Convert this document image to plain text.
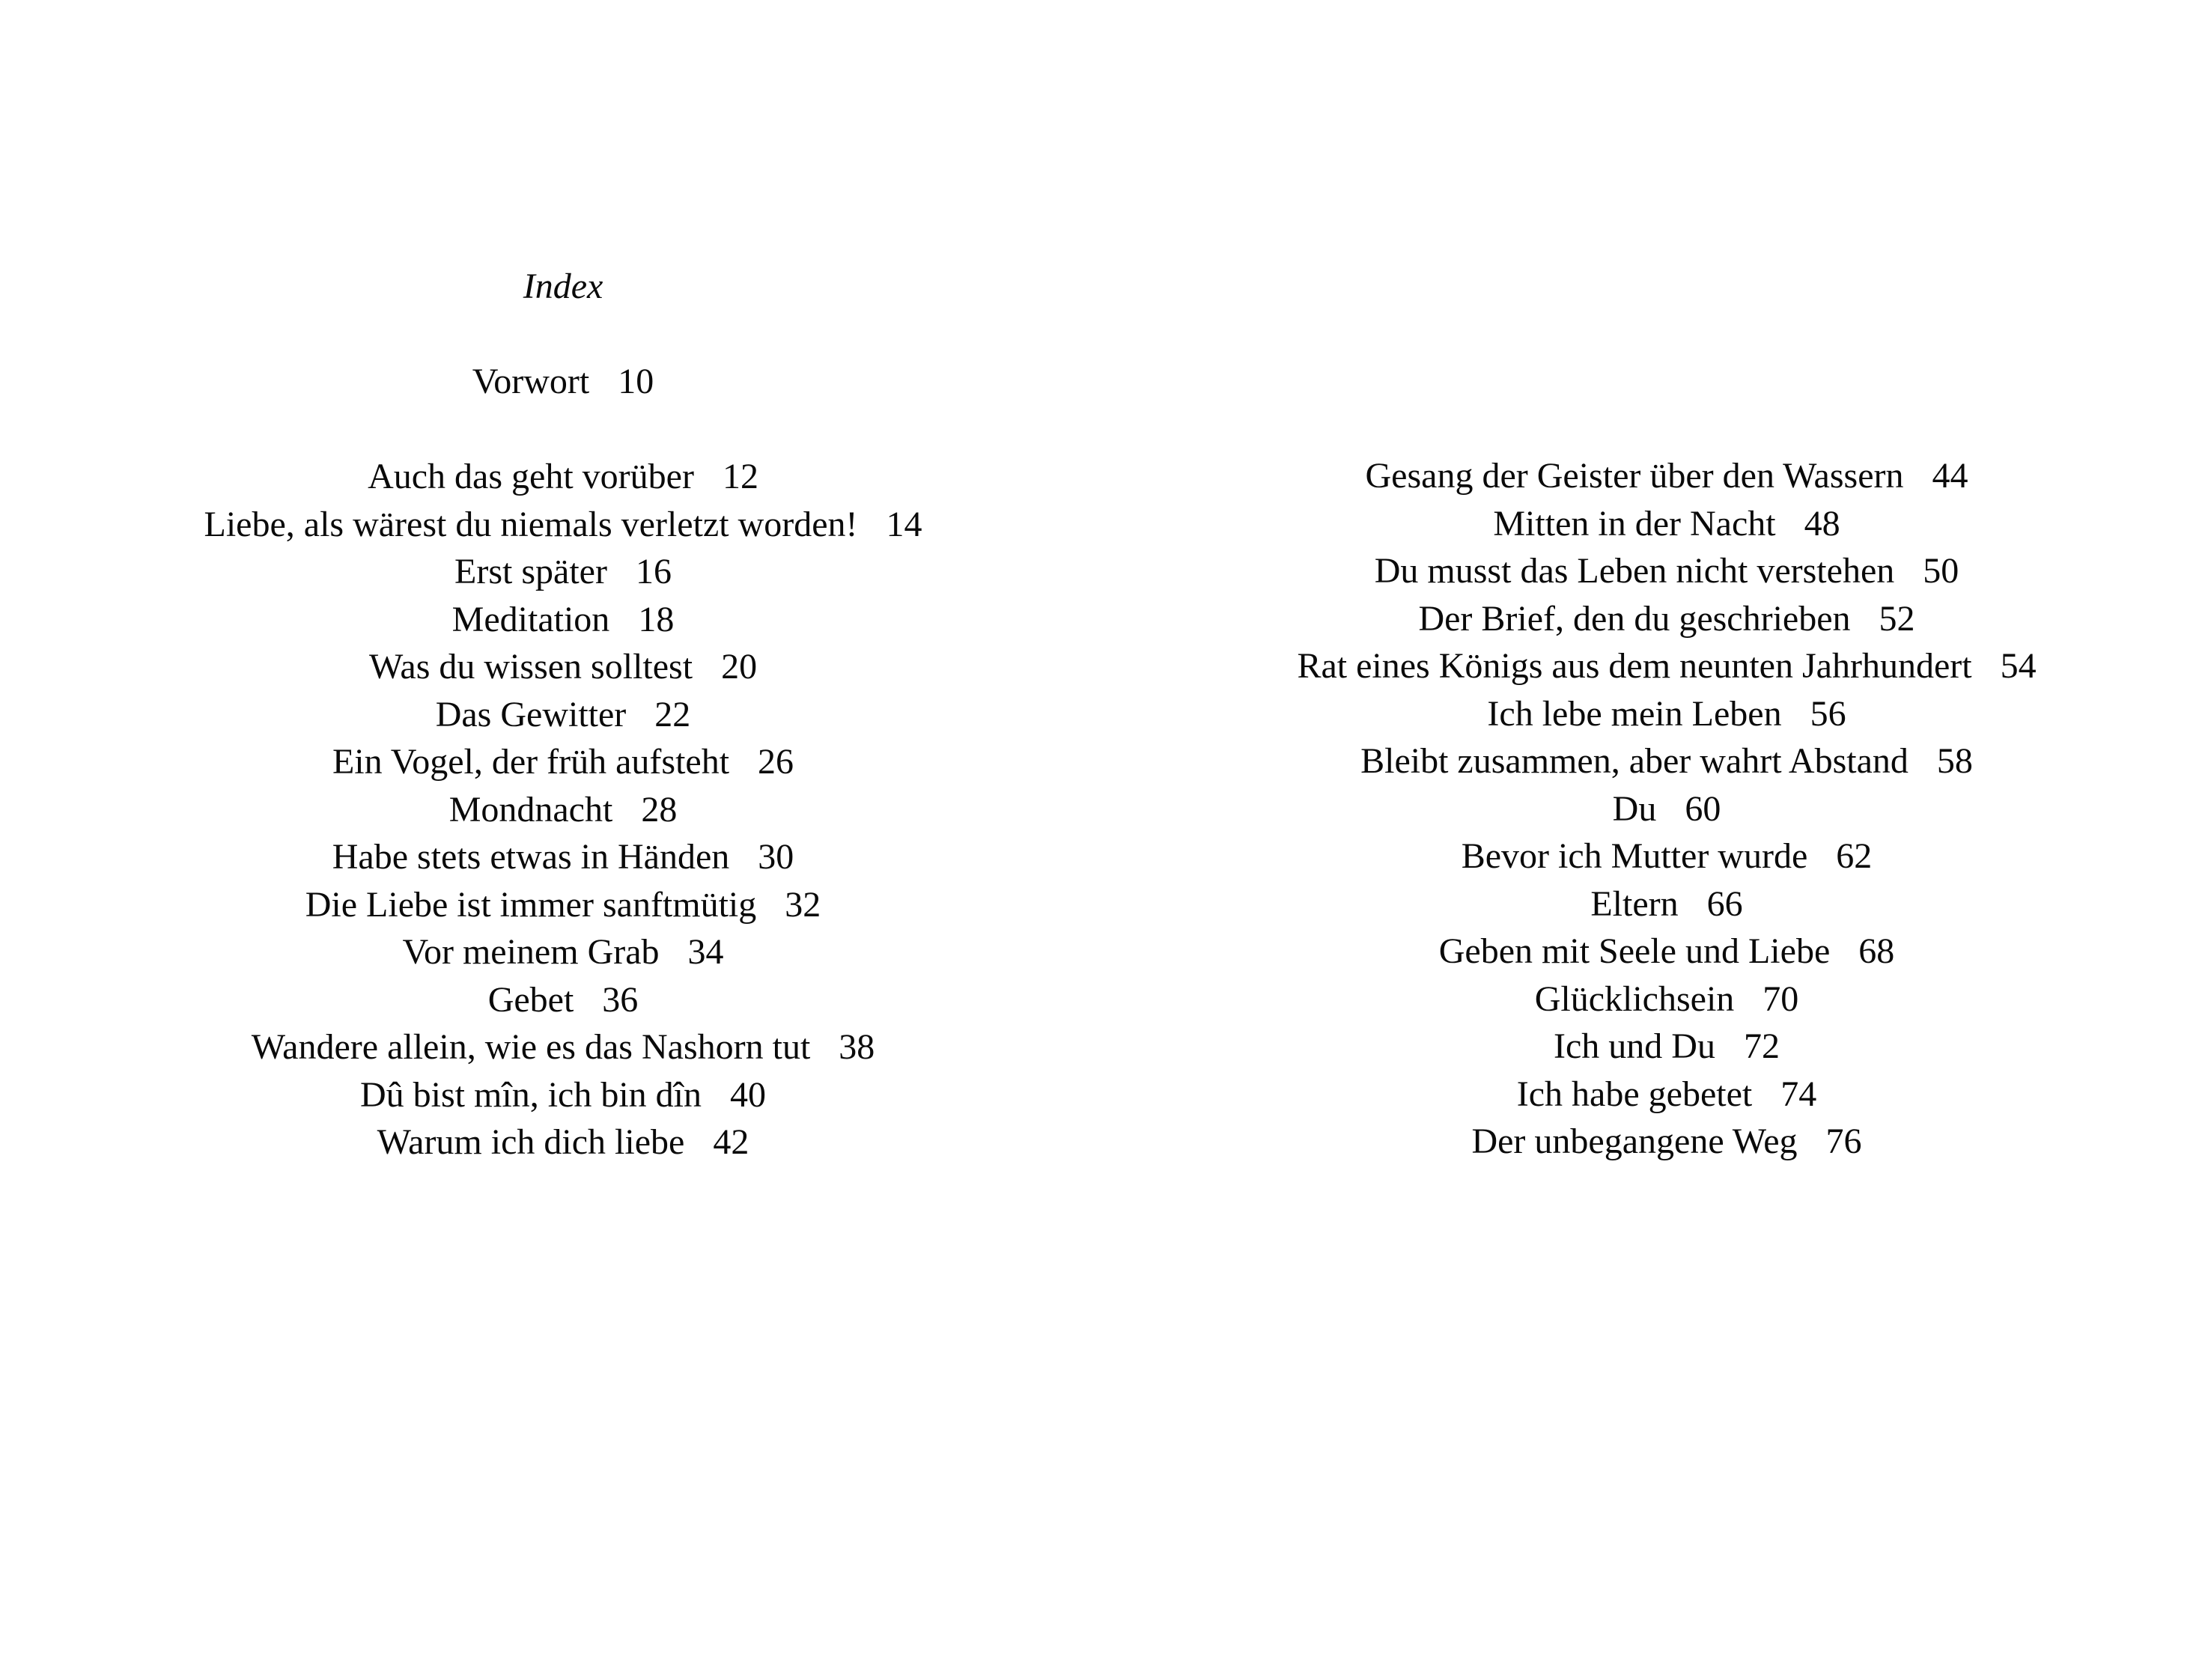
Index
Vorwort 10
Auch das geht vorüber 12
Liebe, als wärest du niemals verletzt worden! 14
Erst später 16
Meditation 18
Was du wissen solltest 20
Das Gewitter 22
Ein Vogel, der früh aufsteht 26
Mondnacht 28
Habe stets etwas in Händen 30
Die Liebe ist immer sanftmütig 32
Vor meinem Grab 34
Gebet 36
Wandere allein, wie es das Nashorn tut 38
Dû bist mîn, ich bin dîn 40
Warum ich dich liebe 42
Gesang der Geister über den Wassern 44
Mitten in der Nacht 48
Du musst das Leben nicht verstehen 50
Der Brief, den du geschrieben 52
Rat eines Königs aus dem neunten Jahrhundert 54
Ich lebe mein Leben 56
Bleibt zusammen, aber wahrt Abstand 58
Du 60
Bevor ich Mutter wurde 62
Eltern 66
Geben mit Seele und Liebe 68
Glücklichsein 70
Ich und Du 72
Ich habe gebetet 74
Der unbegangene Weg 76
